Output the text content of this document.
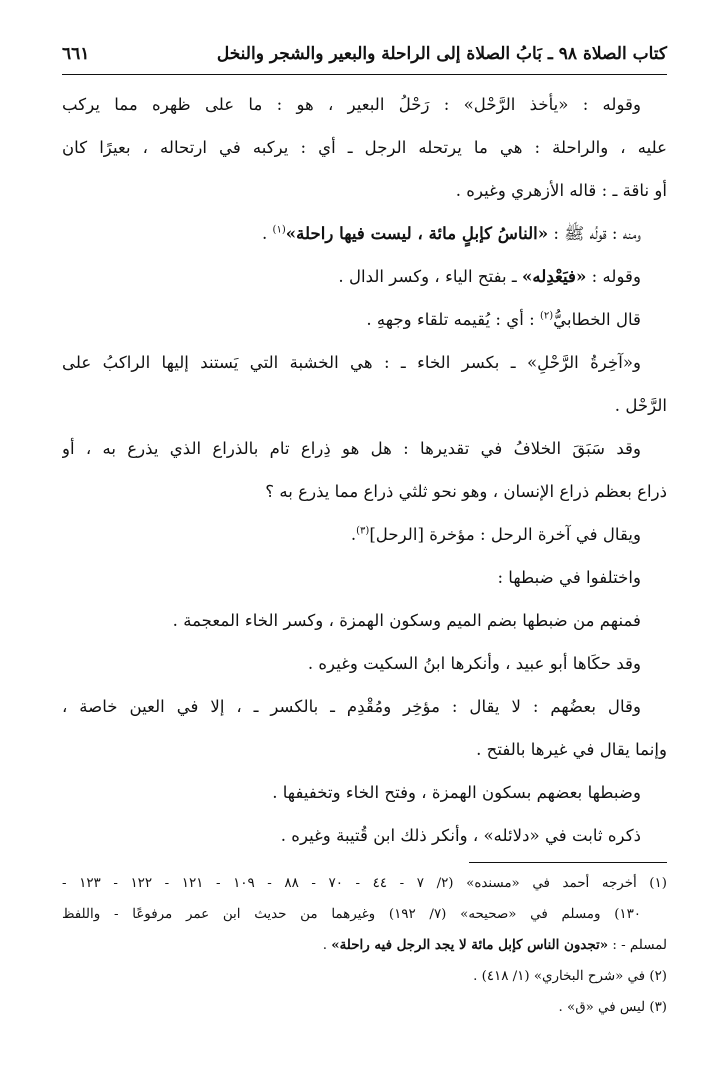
كتاب الصلاة ٩٨ ـ بَابُ الصلاة إلى الراحلة والبعير والشجر والنخل
٦٦١
وقوله : «يأخذ الرَّحْل» : رَحْلُ البعير ، هو : ما على ظهره مما يركب
عليه ، والراحلة : هي ما يرتحله الرجل ـ أي : يركبه في ارتحاله ، بعيرًا كان
أو ناقة ـ : قاله الأزهري وغيره .
ومنه : قولُه ﷺ : «الناسُ كإبلٍ مائة ، ليست فيها راحلة»$^{(١)}$ .
وقوله : «فيَعْدِله» ـ بفتح الياء ، وكسر الدال .
قال الخطابيُّ$^{(٢)}$ : أي : يُقيمه تلقاء وجههِ .
و«آخِرةُ الرَّحْلِ» ـ بكسر الخاء ـ : هي الخشبة التي يَستند إليها الراكبُ على
الرَّحْل .
وقد سَبَقَ الخلافُ في تقديرها : هل هو ذِراع تام بالذراع الذي يذرع به ، أو
ذراع بعظم ذراع الإنسان ، وهو نحو ثلثي ذراع مما يذرع به ؟
ويقال في آخرة الرحل : مؤخرة [الرحل]$^{(٣)}$.
واختلفوا في ضبطها :
فمنهم من ضبطها بضم الميم وسكون الهمزة ، وكسر الخاء المعجمة .
وقد حكَاها أبو عبيد ، وأنكرها ابنُ السكيت وغيره .
وقال بعضُهم : لا يقال : مؤخِر ومُقْدِم ـ بالكسر ـ ، إلا في العين خاصة ،
وإنما يقال في غيرها بالفتح .
وضبطها بعضهم بسكون الهمزة ، وفتح الخاء وتخفيفها .
ذكره ثابت في «دلائله» ، وأنكر ذلك ابن قُتيبة وغيره .
(١) أخرجه أحمد في «مسنده» (٢/ ٧ - ٤٤ - ٧٠ - ٨٨ - ١٠٩ - ١٢١ - ١٢٢ - ١٢٣ -
١٣٠) ومسلم في «صحيحه» (٧/ ١٩٢) وغيرهما من حديث ابن عمر مرفوعًا - واللفظ
لمسلم - : «تجدون الناس كإبل مائة لا يجد الرجل فيه راحلة» .
(٢) في «شرح البخاري» (١/ ٤١٨) .
(٣) ليس في «ق» .
